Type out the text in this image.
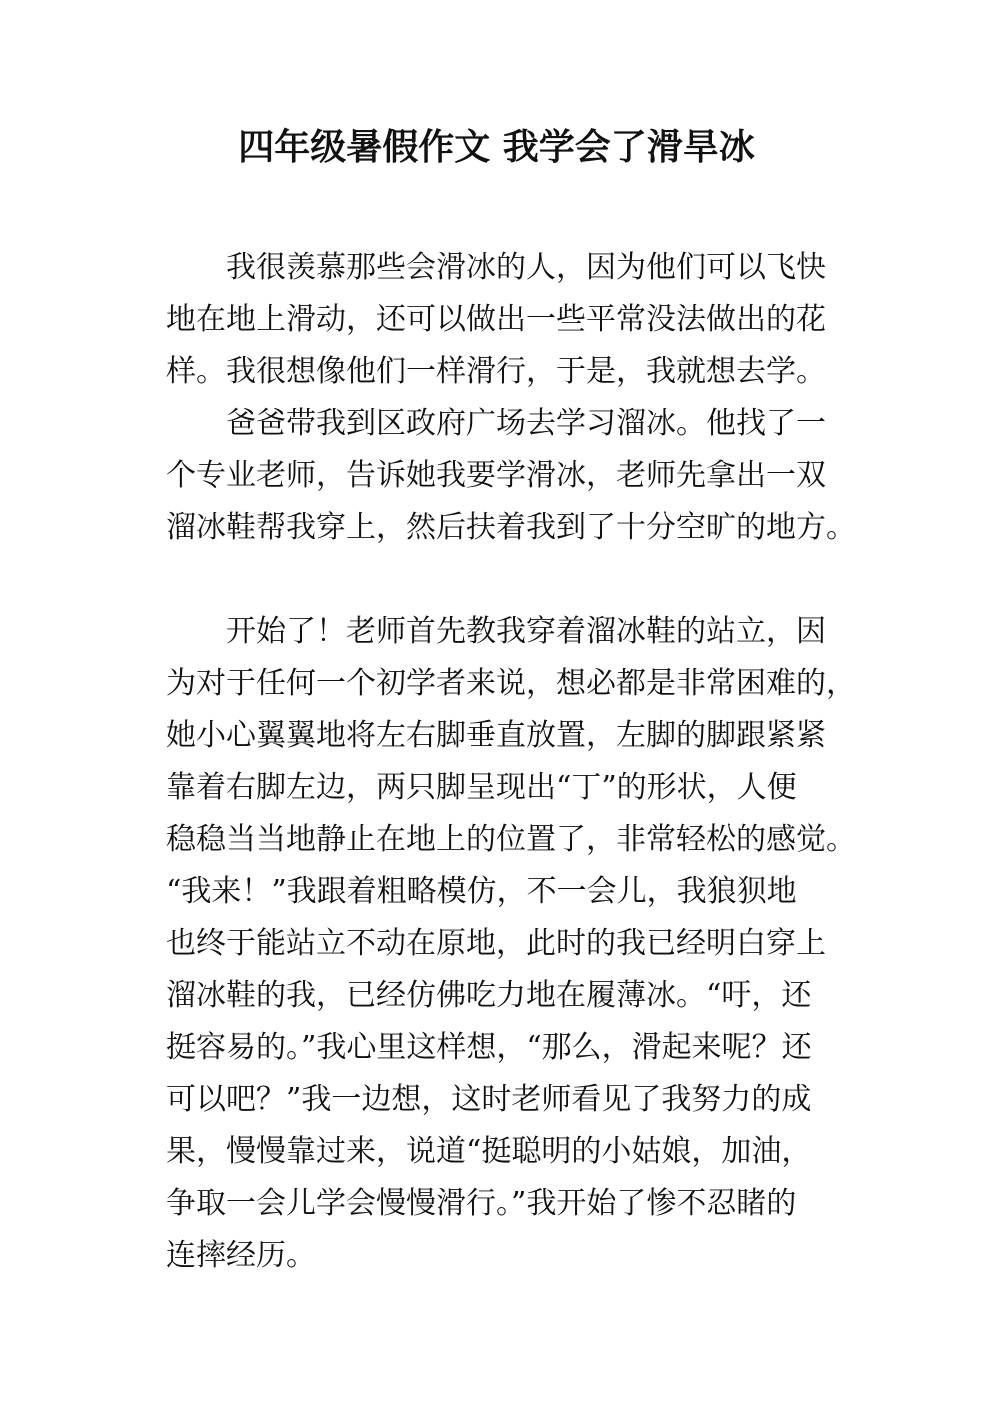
四年级暑假作文 我学会了滑旱冰
我很羡慕那些会滑冰的人，因为他们可以飞快
地在地上滑动，还可以做出一些平常没法做出的花
样。我很想像他们一样滑行，于是，我就想去学。
爸爸带我到区政府广场去学习溜冰。他找了一
个专业老师，告诉她我要学滑冰，老师先拿出一双
溜冰鞋帮我穿上，然后扶着我到了十分空旷的地方。
开始了！老师首先教我穿着溜冰鞋的站立，因
为对于任何一个初学者来说，想必都是非常困难的，
她小心翼翼地将左右脚垂直放置，左脚的脚跟紧紧
靠着右脚左边，两只脚呈现出“丁”的形状，人便
稳稳当当地静止在地上的位置了，非常轻松的感觉。
“我来！”我跟着粗略模仿，不一会儿，我狼狈地
也终于能站立不动在原地，此时的我已经明白穿上
溜冰鞋的我，已经仿佛吃力地在履薄冰。“吁，还
挺容易的。”我心里这样想，“那么，滑起来呢？还
可以吧？”我一边想，这时老师看见了我努力的成
果，慢慢靠过来，说道“挺聪明的小姑娘，加油，
争取一会儿学会慢慢滑行。”我开始了惨不忍睹的
连摔经历。
